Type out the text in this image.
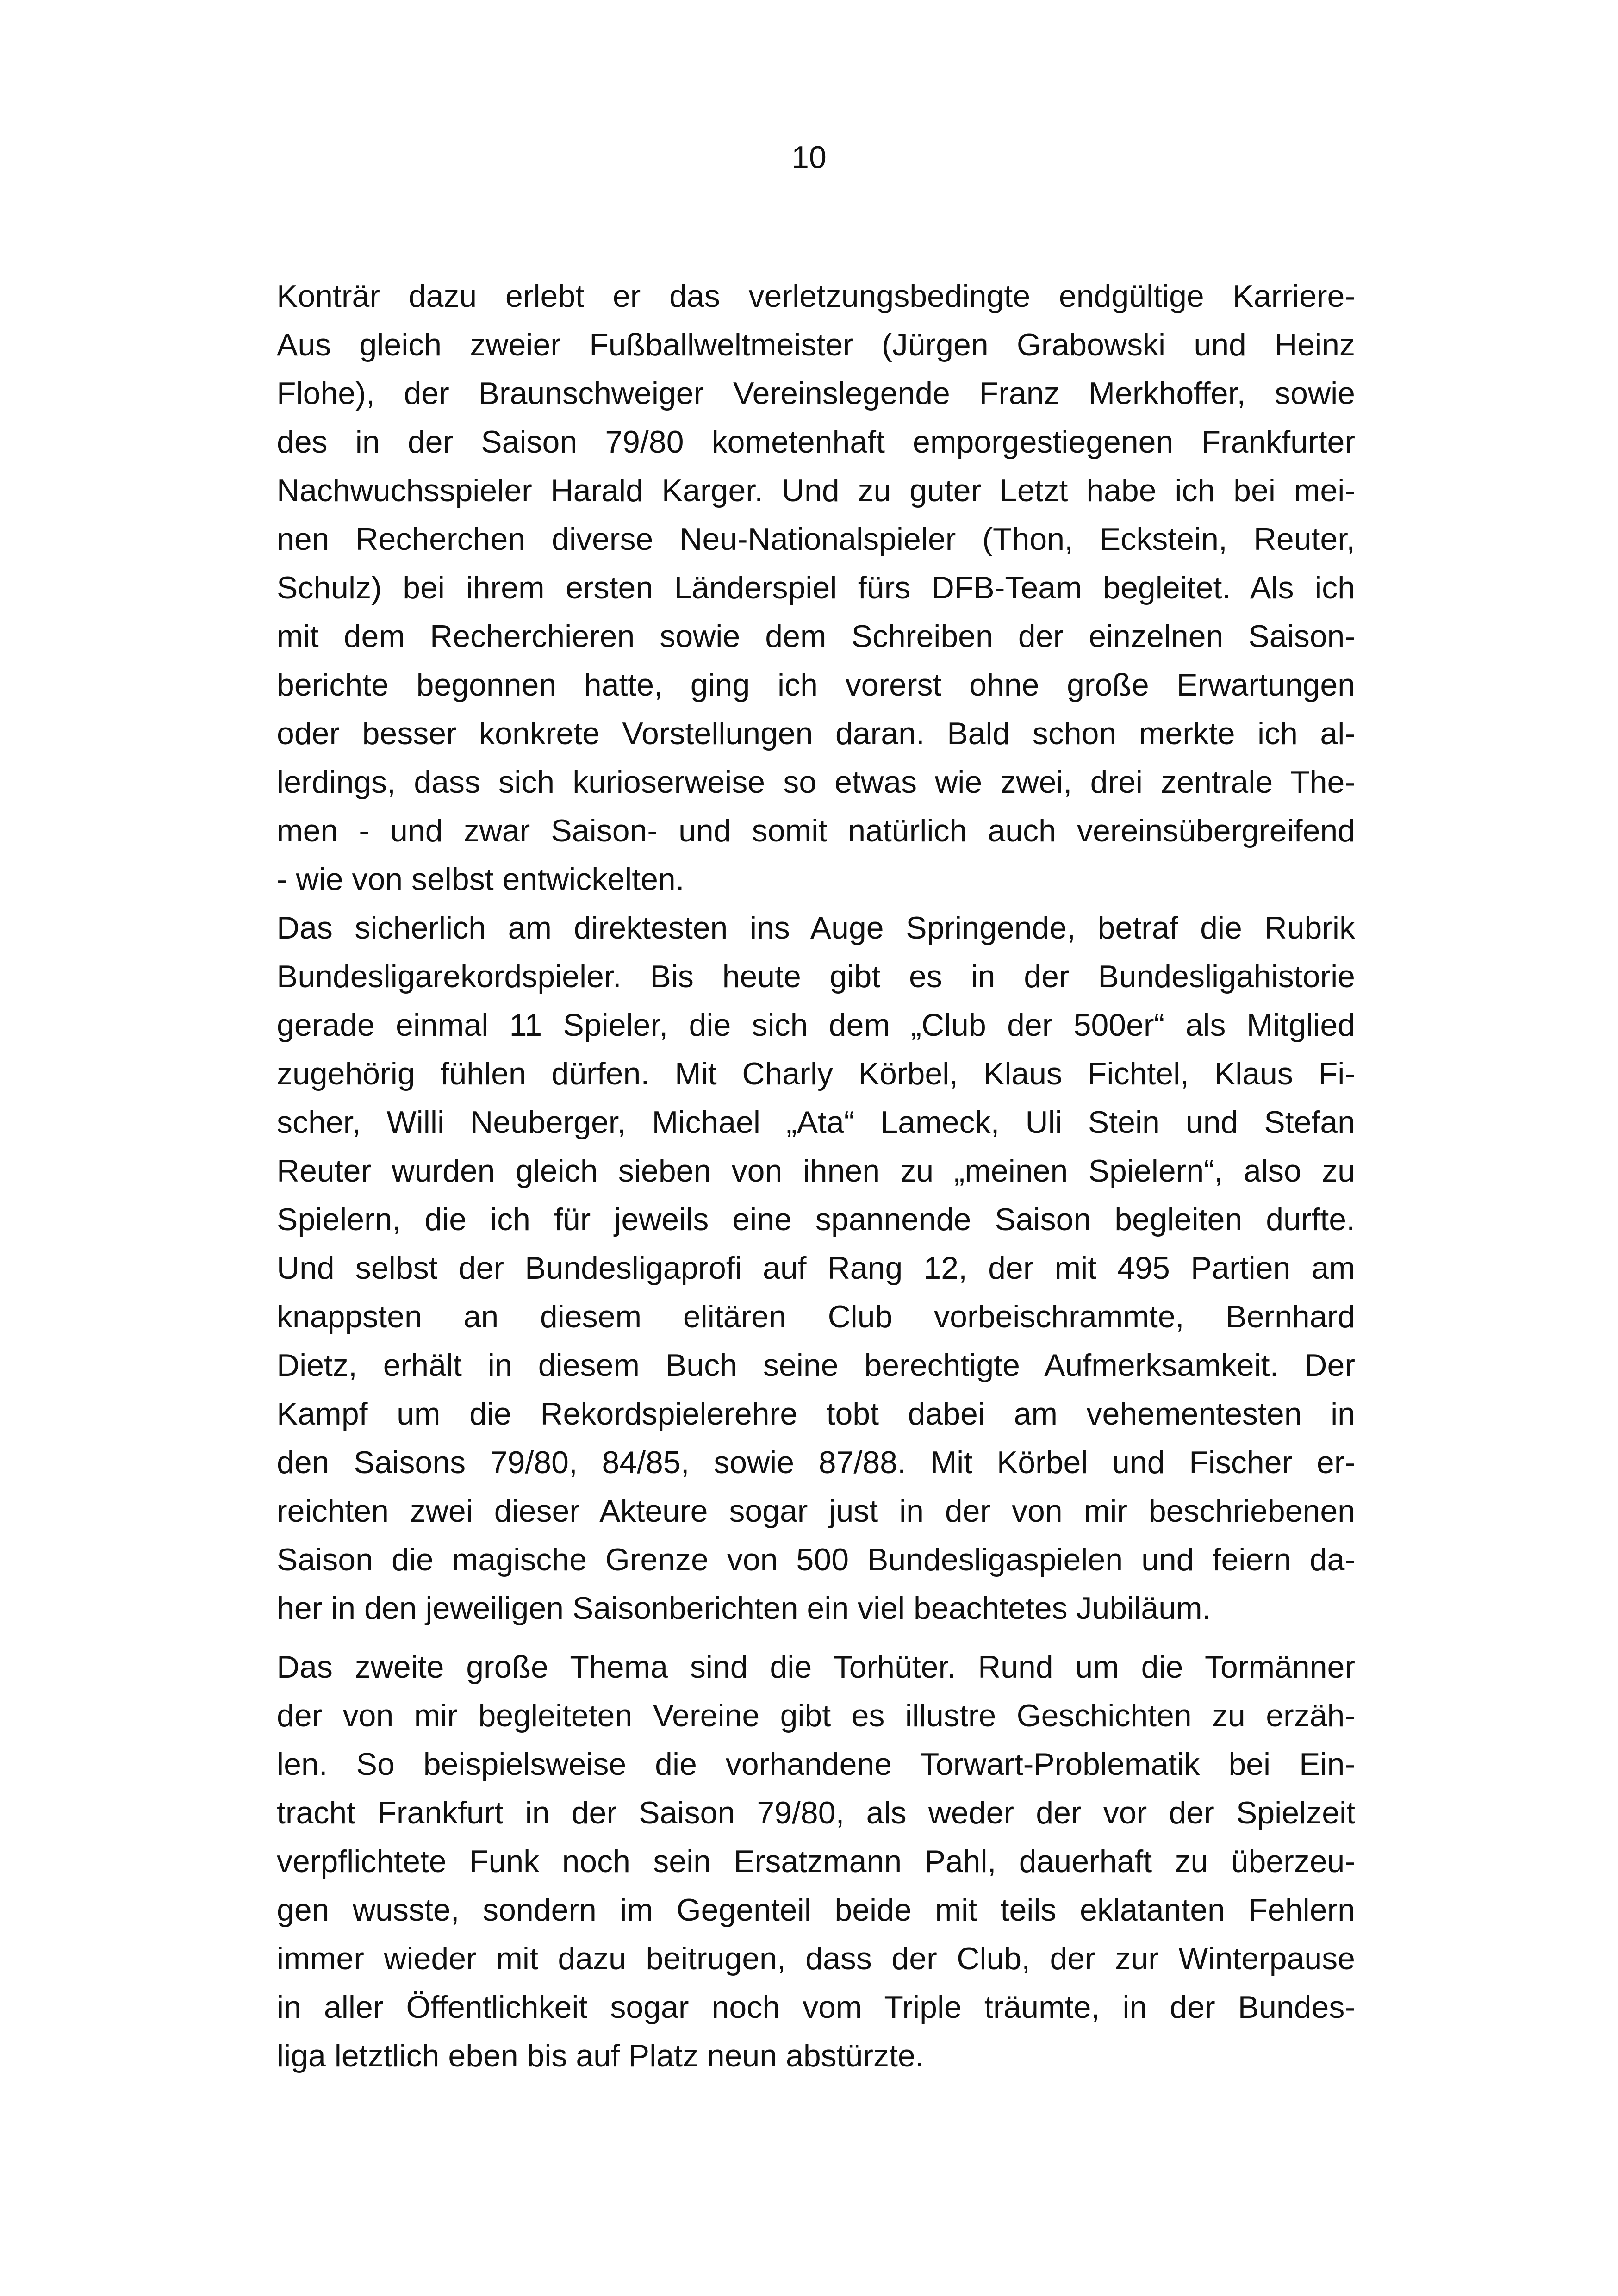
10
Konträr dazu erlebt er das verletzungsbedingte endgültige Karriere-
Aus gleich zweier Fußballweltmeister (Jürgen Grabowski und Heinz
Flohe), der Braunschweiger Vereinslegende Franz Merkhoffer, sowie
des in der Saison 79/80 kometenhaft emporgestiegenen Frankfurter
Nachwuchsspieler Harald Karger. Und zu guter Letzt habe ich bei mei-
nen Recherchen diverse Neu-Nationalspieler (Thon, Eckstein, Reuter,
Schulz) bei ihrem ersten Länderspiel fürs DFB-Team begleitet. Als ich
mit dem Recherchieren sowie dem Schreiben der einzelnen Saison-
berichte begonnen hatte, ging ich vorerst ohne große Erwartungen
oder besser konkrete Vorstellungen daran. Bald schon merkte ich al-
lerdings, dass sich kurioserweise so etwas wie zwei, drei zentrale The-
men - und zwar Saison- und somit natürlich auch vereinsübergreifend
- wie von selbst entwickelten.
Das sicherlich am direktesten ins Auge Springende, betraf die Rubrik
Bundesligarekordspieler. Bis heute gibt es in der Bundesligahistorie
gerade einmal 11 Spieler, die sich dem „Club der 500er“ als Mitglied
zugehörig fühlen dürfen. Mit Charly Körbel, Klaus Fichtel, Klaus Fi-
scher, Willi Neuberger, Michael „Ata“ Lameck, Uli Stein und Stefan
Reuter wurden gleich sieben von ihnen zu „meinen Spielern“, also zu
Spielern, die ich für jeweils eine spannende Saison begleiten durfte.
Und selbst der Bundesligaprofi auf Rang 12, der mit 495 Partien am
knappsten an diesem elitären Club vorbeischrammte, Bernhard
Dietz, erhält in diesem Buch seine berechtigte Aufmerksamkeit. Der
Kampf um die Rekordspielerehre tobt dabei am vehementesten in
den Saisons 79/80, 84/85, sowie 87/88. Mit Körbel und Fischer er-
reichten zwei dieser Akteure sogar just in der von mir beschriebenen
Saison die magische Grenze von 500 Bundesligaspielen und feiern da-
her in den jeweiligen Saisonberichten ein viel beachtetes Jubiläum.
Das zweite große Thema sind die Torhüter. Rund um die Tormänner
der von mir begleiteten Vereine gibt es illustre Geschichten zu erzäh-
len. So beispielsweise die vorhandene Torwart-Problematik bei Ein-
tracht Frankfurt in der Saison 79/80, als weder der vor der Spielzeit
verpflichtete Funk noch sein Ersatzmann Pahl, dauerhaft zu überzeu-
gen wusste, sondern im Gegenteil beide mit teils eklatanten Fehlern
immer wieder mit dazu beitrugen, dass der Club, der zur Winterpause
in aller Öffentlichkeit sogar noch vom Triple träumte, in der Bundes-
liga letztlich eben bis auf Platz neun abstürzte.
